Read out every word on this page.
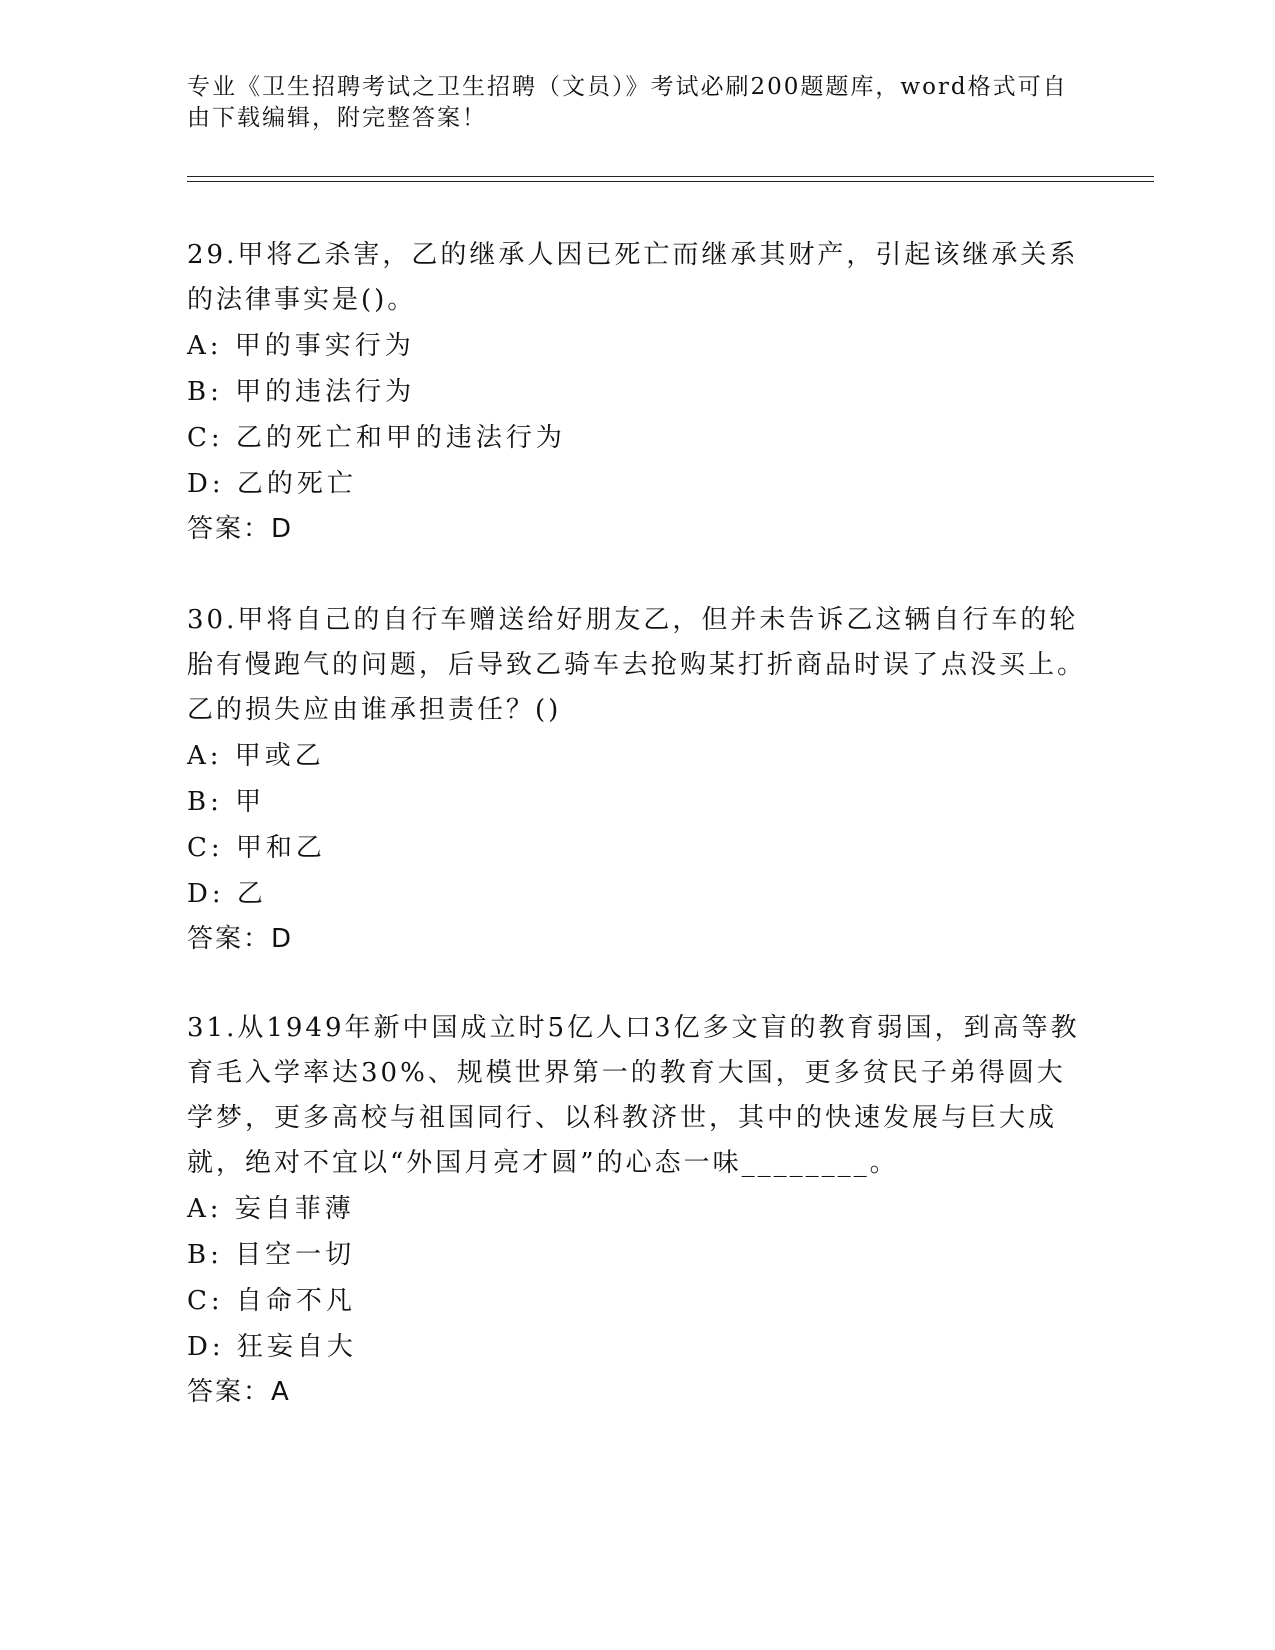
专业《卫生招聘考试之卫生招聘（文员）》考试必刷200题题库，word格式可自由下载编辑，附完整答案！
29.甲将乙杀害，乙的继承人因已死亡而继承其财产，引起该继承关系的法律事实是()。
A: 甲的事实行为
B: 甲的违法行为
C: 乙的死亡和甲的违法行为
D: 乙的死亡
答案：D
30.甲将自己的自行车赠送给好朋友乙，但并未告诉乙这辆自行车的轮胎有慢跑气的问题，后导致乙骑车去抢购某打折商品时误了点没买上。乙的损失应由谁承担责任？()
A: 甲或乙
B: 甲
C: 甲和乙
D: 乙
答案：D
31.从1949年新中国成立时5亿人口3亿多文盲的教育弱国，到高等教育毛入学率达30%、规模世界第一的教育大国，更多贫民子弟得圆大学梦，更多高校与祖国同行、以科教济世，其中的快速发展与巨大成就，绝对不宜以“外国月亮才圆”的心态一味________。
A: 妄自菲薄
B: 目空一切
C: 自命不凡
D: 狂妄自大
答案：A
